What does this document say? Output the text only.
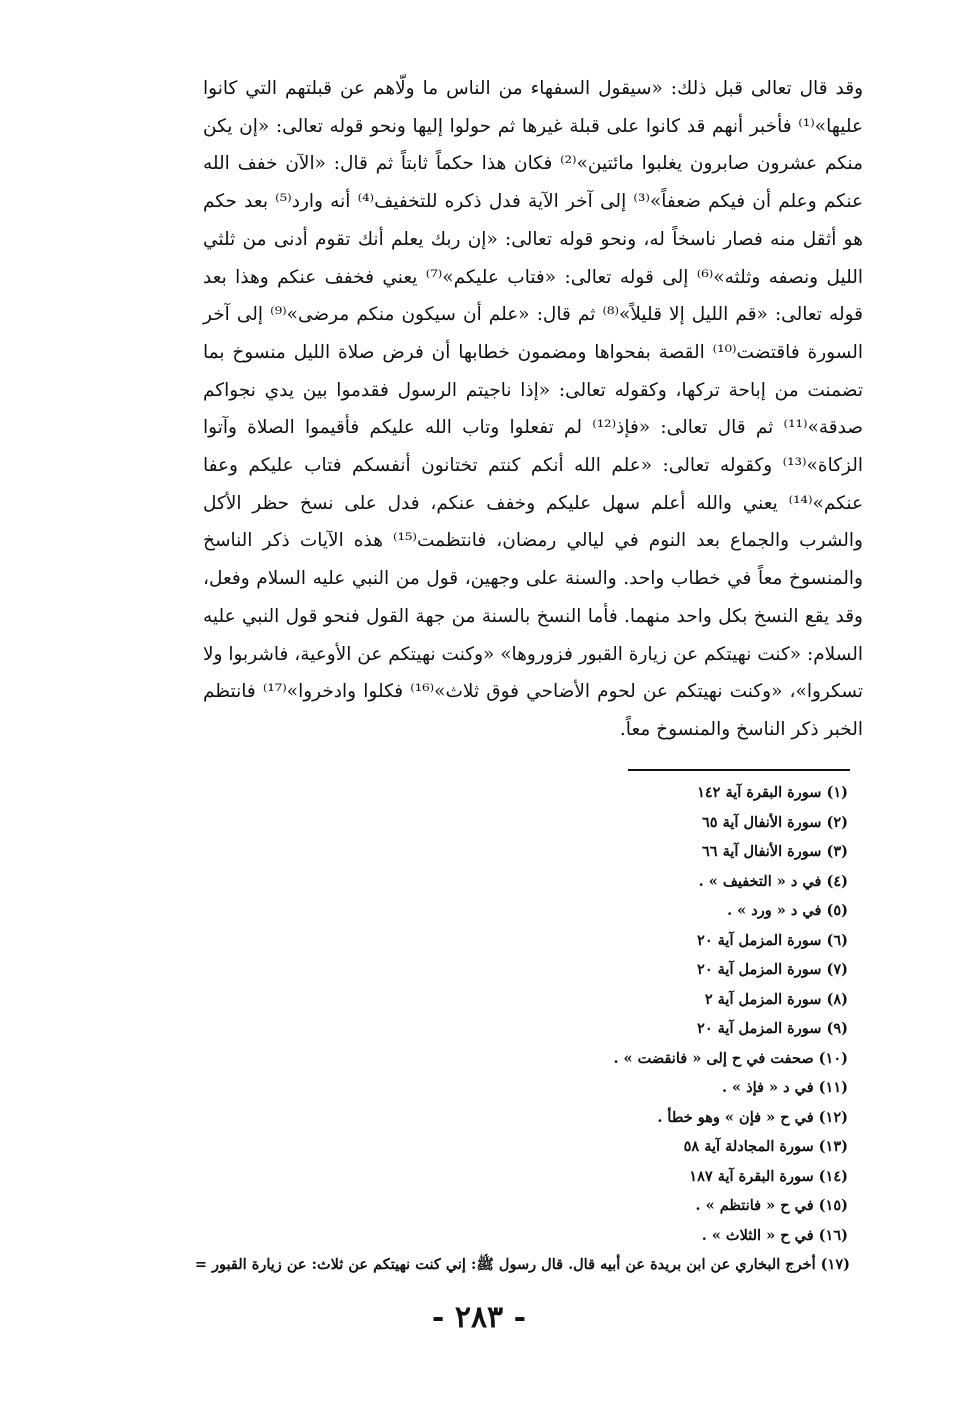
وقد قال تعالى قبل ذلك: «سيقول السفهاء من الناس ما ولّاهم عن قبلتهم التي كانوا عليها»⁽¹⁾ فأخبر أنهم قد كانوا على قبلة غيرها ثم حولوا إليها ونحو قوله تعالى: «إن يكن منكم عشرون صابرون يغلبوا مائتين»⁽²⁾ فكان هذا حكماً ثابتاً ثم قال: «الآن خفف الله عنكم وعلم أن فيكم ضعفاً»⁽³⁾ إلى آخر الآية فدل ذكره للتخفيف⁽⁴⁾ أنه وارد⁽⁵⁾ بعد حكم هو أثقل منه فصار ناسخاً له، ونحو قوله تعالى: «إن ربك يعلم أنك تقوم أدنى من ثلثي الليل ونصفه وثلثه»⁽⁶⁾ إلى قوله تعالى: «فتاب عليكم»⁽⁷⁾ يعني فخفف عنكم وهذا بعد قوله تعالى: «قم الليل إلا قليلاً»⁽⁸⁾ ثم قال: «علم أن سيكون منكم مرضى»⁽⁹⁾ إلى آخر السورة فاقتضت⁽¹⁰⁾ القصة بفحواها ومضمون خطابها أن فرض صلاة الليل منسوخ بما تضمنت من إباحة تركها، وكقوله تعالى: «إذا ناجيتم الرسول فقدموا بين يدي نجواكم صدقة»⁽¹¹⁾ ثم قال تعالى: «فإذ⁽¹²⁾ لم تفعلوا وتاب الله عليكم فأقيموا الصلاة وآتوا الزكاة»⁽¹³⁾ وكقوله تعالى: «علم الله أنكم كنتم تختانون أنفسكم فتاب عليكم وعفا عنكم»⁽¹⁴⁾ يعني والله أعلم سهل عليكم وخفف عنكم، فدل على نسخ حظر الأكل والشرب والجماع بعد النوم في ليالي رمضان، فانتظمت⁽¹⁵⁾ هذه الآيات ذكر الناسخ والمنسوخ معاً في خطاب واحد. والسنة على وجهين، قول من النبي عليه السلام وفعل، وقد يقع النسخ بكل واحد منهما. فأما النسخ بالسنة من جهة القول فنحو قول النبي عليه السلام: «كنت نهيتكم عن زيارة القبور فزوروها» «وكنت نهيتكم عن الأوعية، فاشربوا ولا تسكروا»، «وكنت نهيتكم عن لحوم الأضاحي فوق ثلاث»⁽¹⁶⁾ فكلوا وادخروا»⁽¹⁷⁾ فانتظم الخبر ذكر الناسخ والمنسوخ معاً.

(١) سورة البقرة آية ١٤٢
(٢) سورة الأنفال آية ٦٥
(٣) سورة الأنفال آية ٦٦
(٤) في د « التخفيف » .
(٥) في د « ورد » .
(٦) سورة المزمل آية ٢٠
(٧) سورة المزمل آية ٢٠
(٨) سورة المزمل آية ٢
(٩) سورة المزمل آية ٢٠
(١٠) صحفت في ح إلى « فانقضت » .
(١١) في د « فإذ » .
(١٢) في ح « فإن » وهو خطأ .
(١٣) سورة المجادلة آية ٥٨
(١٤) سورة البقرة آية ١٨٧
(١٥) في ح « فانتظم » .
(١٦) في ح « الثلاث » .
(١٧) أخرج البخاري عن ابن بريدة عن أبيه قال. قال رسول ﷺ: إني كنت نهيتكم عن ثلاث: عن زيارة القبور =
- ٢٨٣ -
